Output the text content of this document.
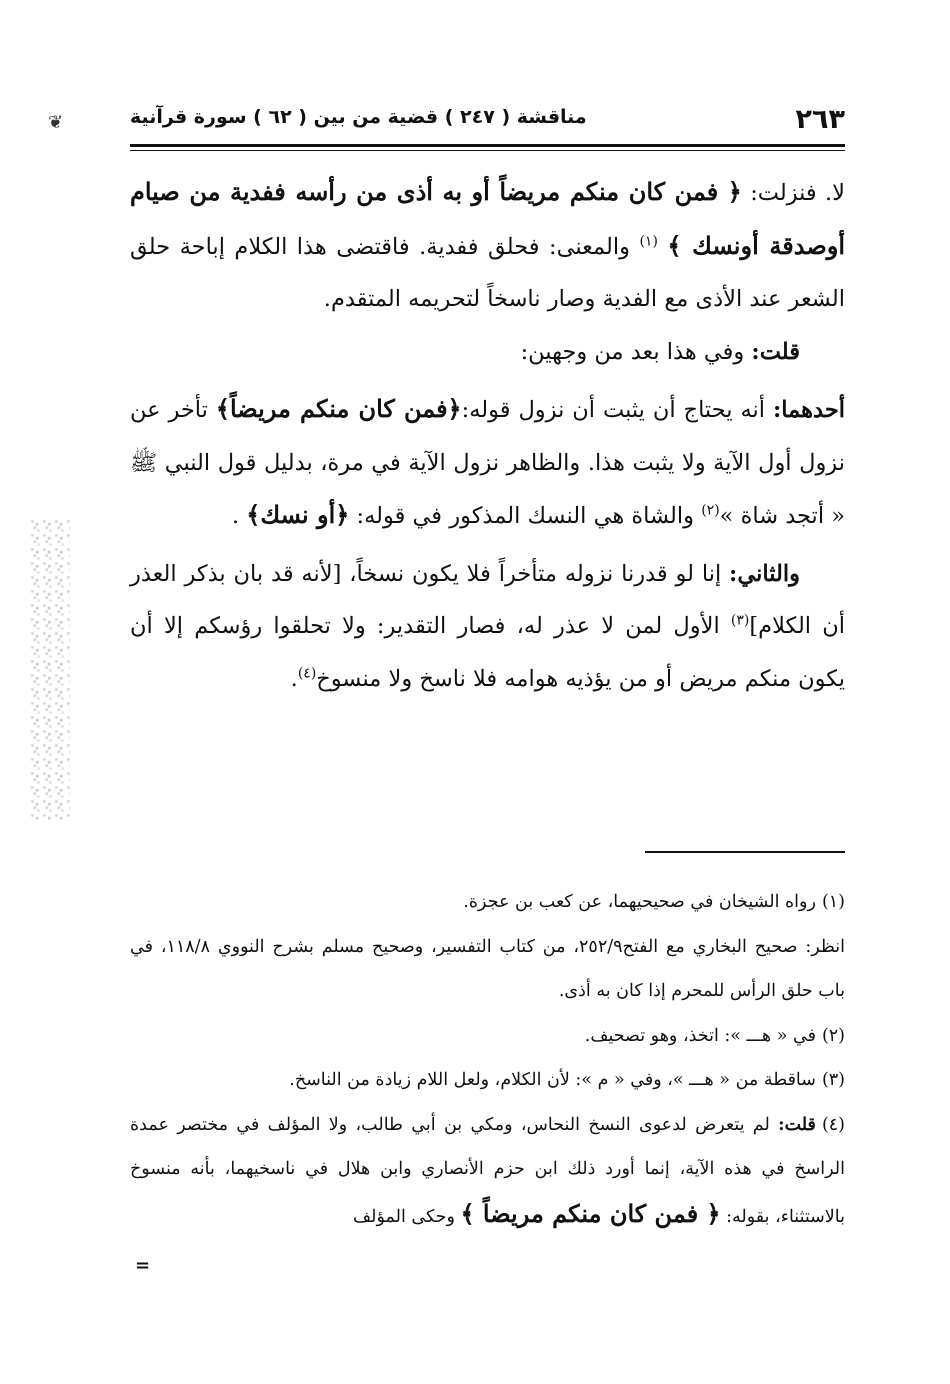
❦	٢٦٣
مناقشة ( ٢٤٧ ) قضية من بين ( ٦٢ ) سورة قرآنية

لا. فنزلت: ﴿ فمن كان منكم مريضاً أو به أذى من رأسه ففدية من صيام أوصدقة أونسك ﴾ $^{(١)}$ والمعنى: فحلق ففدية. فاقتضى هذا الكلام إباحة حلق الشعر عند الأذى مع الفدية وصار ناسخاً لتحريمه المتقدم.

قلت: وفي هذا بعد من وجهين:

أحدهما: أنه يحتاج أن يثبت أن نزول قوله:﴿فمن كان منكم مريضاً﴾ تأخر عن نزول أول الآية ولا يثبت هذا. والظاهر نزول الآية في مرة، بدليل قول النبي ﷺ « أتجد شاة »$^{(٢)}$ والشاة هي النسك المذكور في قوله: ﴿أو نسك﴾ .

والثاني: إنا لو قدرنا نزوله متأخراً فلا يكون نسخاً، [لأنه قد بان بذكر العذر أن الكلام]$^{(٣)}$ الأول لمن لا عذر له، فصار التقدير: ولا تحلقوا رؤسكم إلا أن يكون منكم مريض أو من يؤذيه هوامه فلا ناسخ ولا منسوخ$^{(٤)}$.

(١)رواه الشيخان في صحيحيهما، عن كعب بن عجزة.

انظر: صحيح البخاري مع الفتح٢٥٢/٩، من كتاب التفسير، وصحيح مسلم بشرح النووي ١١٨/٨، في باب حلق الرأس للمحرم إذا كان به أذى.

(٢)في « هـــ »: اتخذ، وهو تصحيف.

(٣)ساقطة من « هـــ »، وفي « م »: لأن الكلام، ولعل اللام زيادة من الناسخ.

(٤)قلت: لم يتعرض لدعوى النسخ النحاس، ومكي بن أبي طالب، ولا المؤلف في مختصر عمدة الراسخ في هذه الآية، إنما أورد ذلك ابن حزم الأنصاري وابن هلال في ناسخيهما، بأنه منسوخ بالاستثناء، بقوله: ﴿ فمن كان منكم مريضاً ﴾ وحكى المؤلف

=
